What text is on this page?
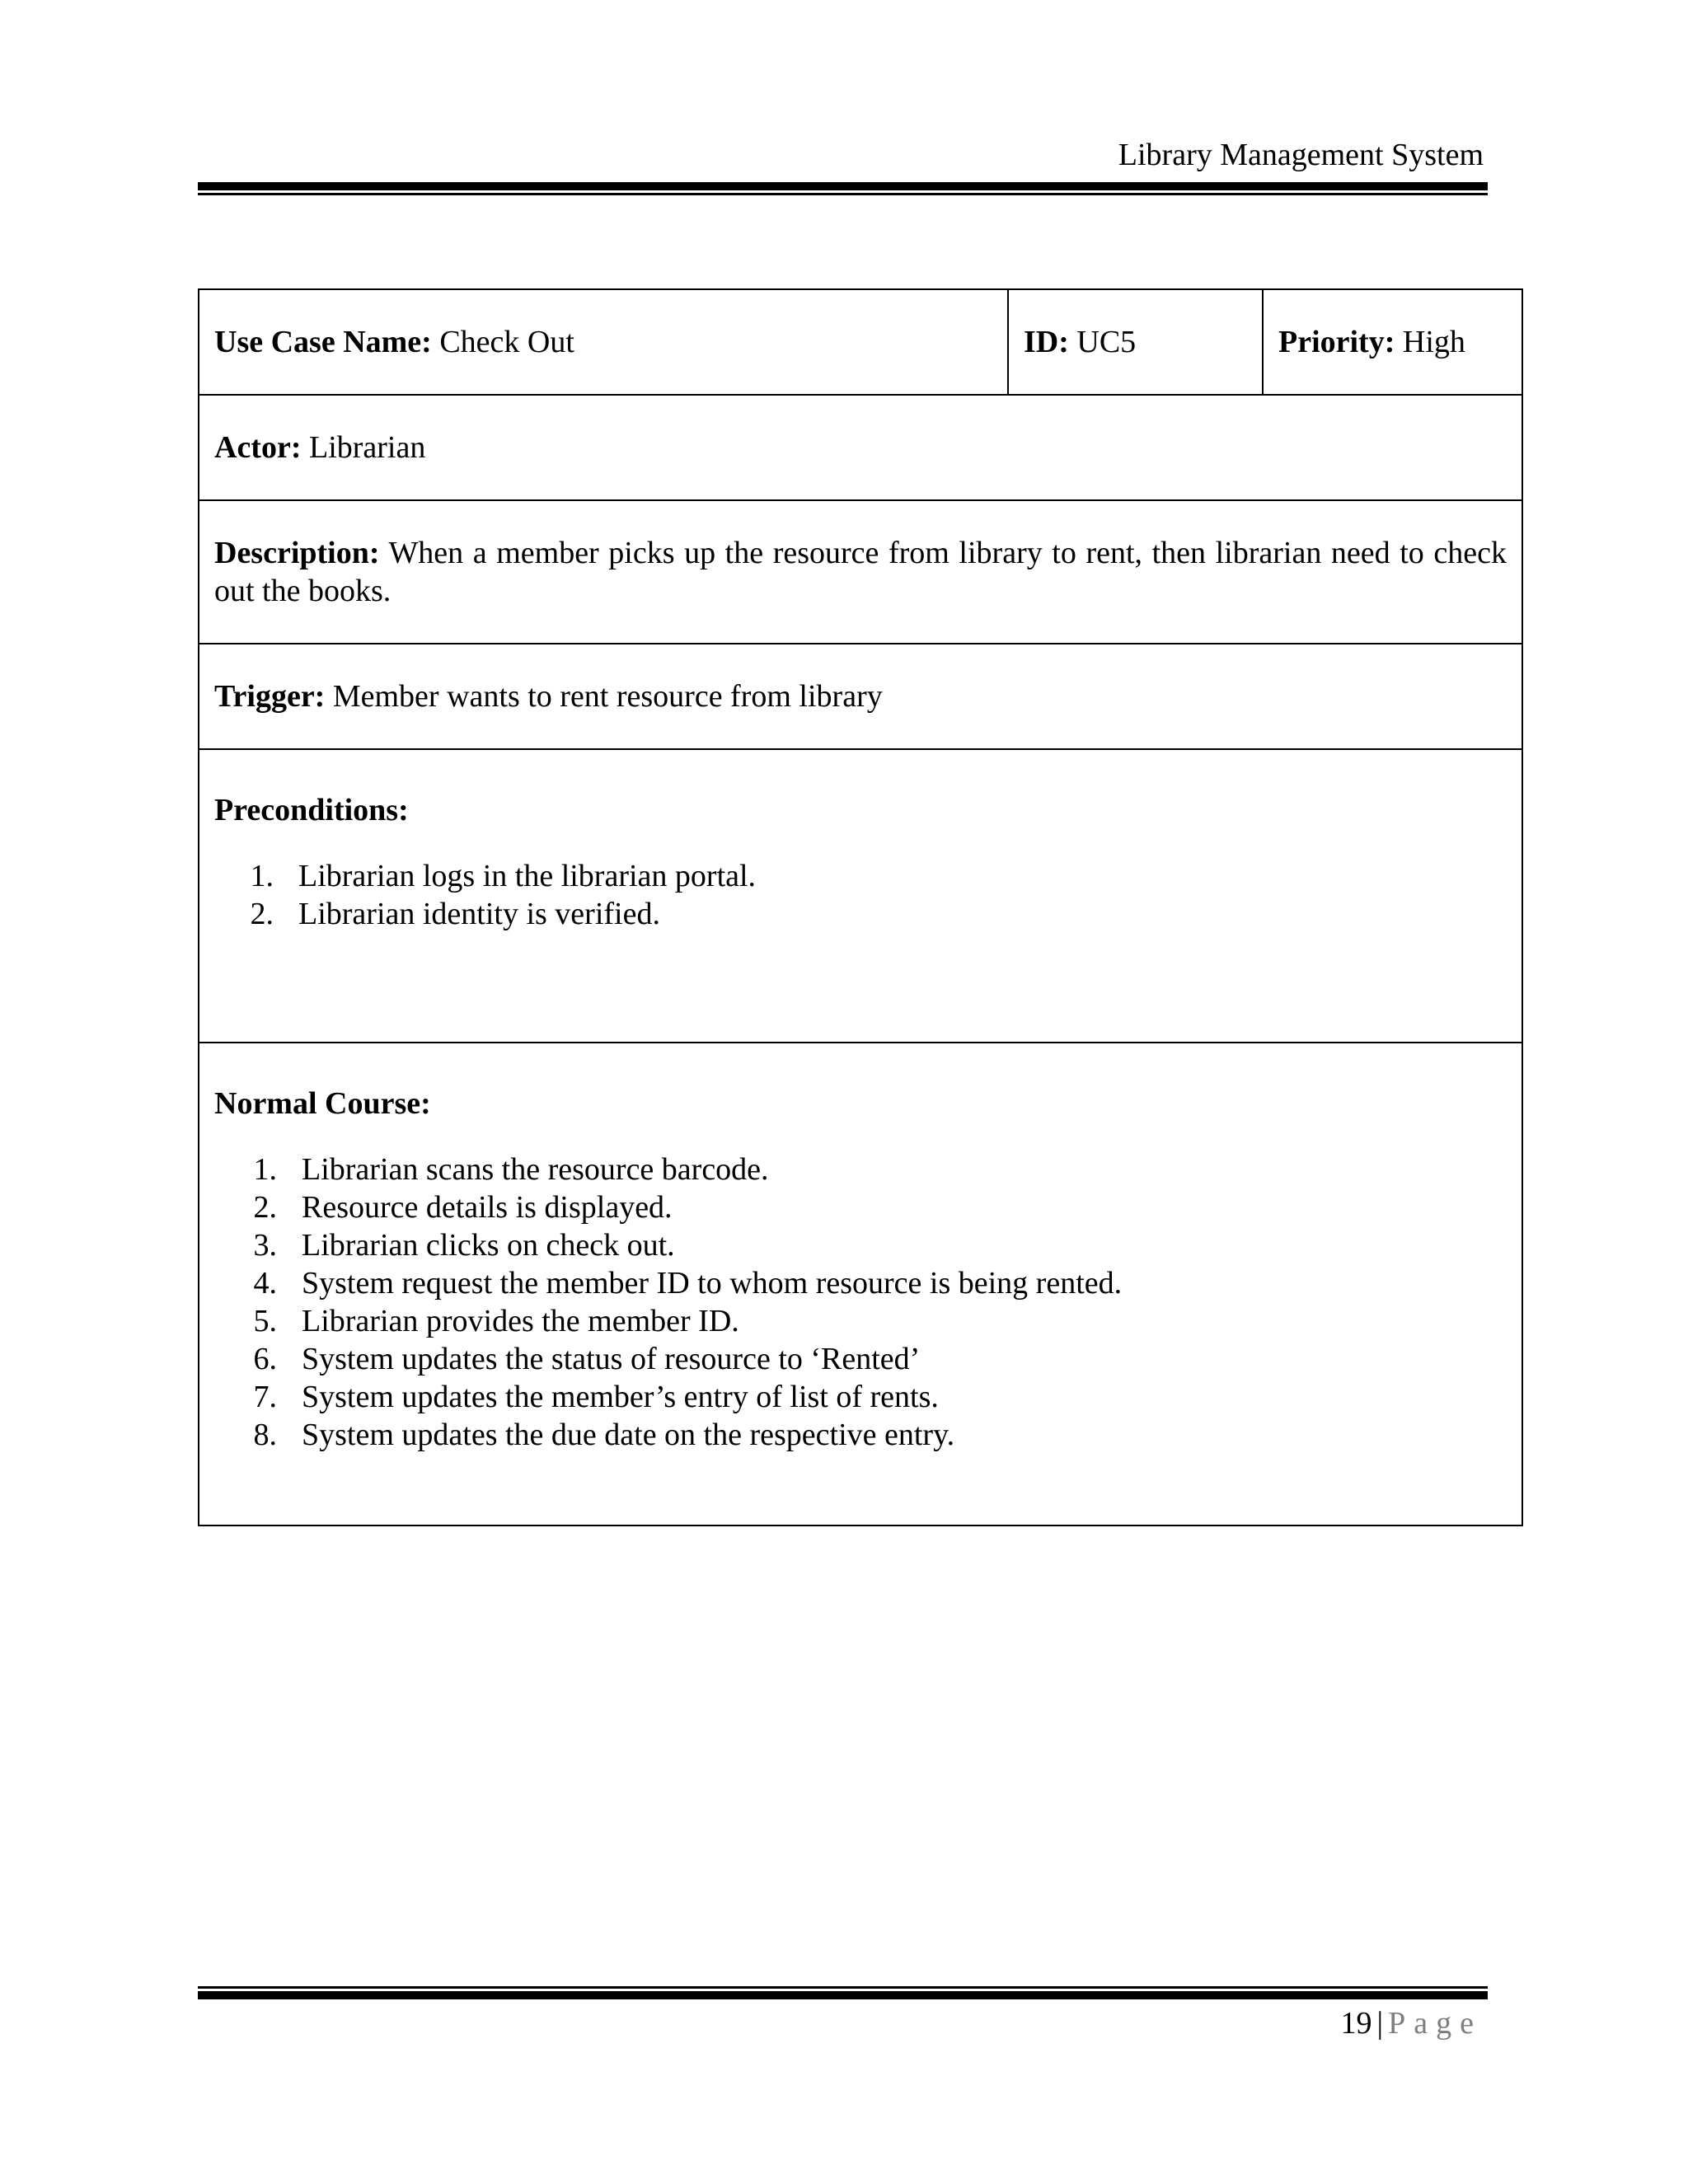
Library Management System
Use Case Name: Check Out	ID: UC5	Priority: High
Actor: Librarian
Description: When a member picks up the resource from library to rent, then librarian need to check out the books.
Trigger: Member wants to rent resource from library

Preconditions:
1. Librarian logs in the librarian portal.
2. Librarian identity is verified.

Normal Course:
1. Librarian scans the resource barcode.
2. Resource details is displayed.
3. Librarian clicks on check out.
4. System request the member ID to whom resource is being rented.
5. Librarian provides the member ID.
6. System updates the status of resource to ‘Rented’
7. System updates the member’s entry of list of rents.
8. System updates the due date on the respective entry.
19 | Page
